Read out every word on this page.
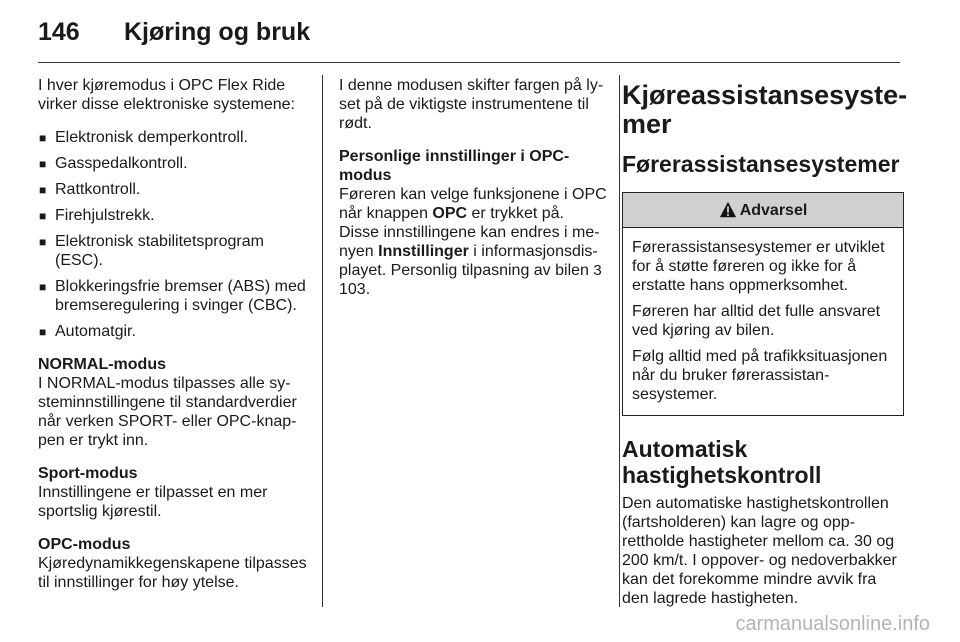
146 Kjøring og bruk

I hver kjøremodus i OPC Flex Ride virker disse elektroniske systemene:

■ Elektronisk demperkontroll.
■ Gasspedalkontroll.
■ Rattkontroll.
■ Firehjulstrekk.
■ Elektronisk stabilitetsprogram (ESC).
■ Blokkeringsfrie bremser (ABS) med bremseregulering i svinger (CBC).
■ Automatgir.

NORMAL-modus
I NORMAL-modus tilpasses alle systeminnstillingene til standardverdier når verken SPORT- eller OPC-knappen er trykt inn.

Sport-modus
Innstillingene er tilpasset en mer sportslig kjørestil.

OPC-modus
Kjøredynamikkegenskapene tilpasses til innstillinger for høy ytelse.

I denne modusen skifter fargen på lyset på de viktigste instrumentene til rødt.

Personlige innstillinger i OPC-modus
Føreren kan velge funksjonene i OPC når knappen OPC er trykket på. Disse innstillingene kan endres i menyen Innstillinger i informasjonsdisplayet. Personlig tilpasning av bilen 3 103.

Kjøreassistansesystemer
Førerassistansesystemer
Advarsel

Førerassistansesystemer er utviklet for å støtte føreren og ikke for å erstatte hans oppmerksomhet.

Føreren har alltid det fulle ansvaret ved kjøring av bilen.

Følg alltid med på trafikksituasjonen når du bruker førerassistansesystemer.

Automatisk hastighetskontroll

Den automatiske hastighetskontrollen (fartsholderen) kan lagre og opprettholde hastigheter mellom ca. 30 og 200 km/t. I oppover- og nedoverbakker kan det forekomme mindre avvik fra den lagrede hastigheten.

carmanualsonline.info
